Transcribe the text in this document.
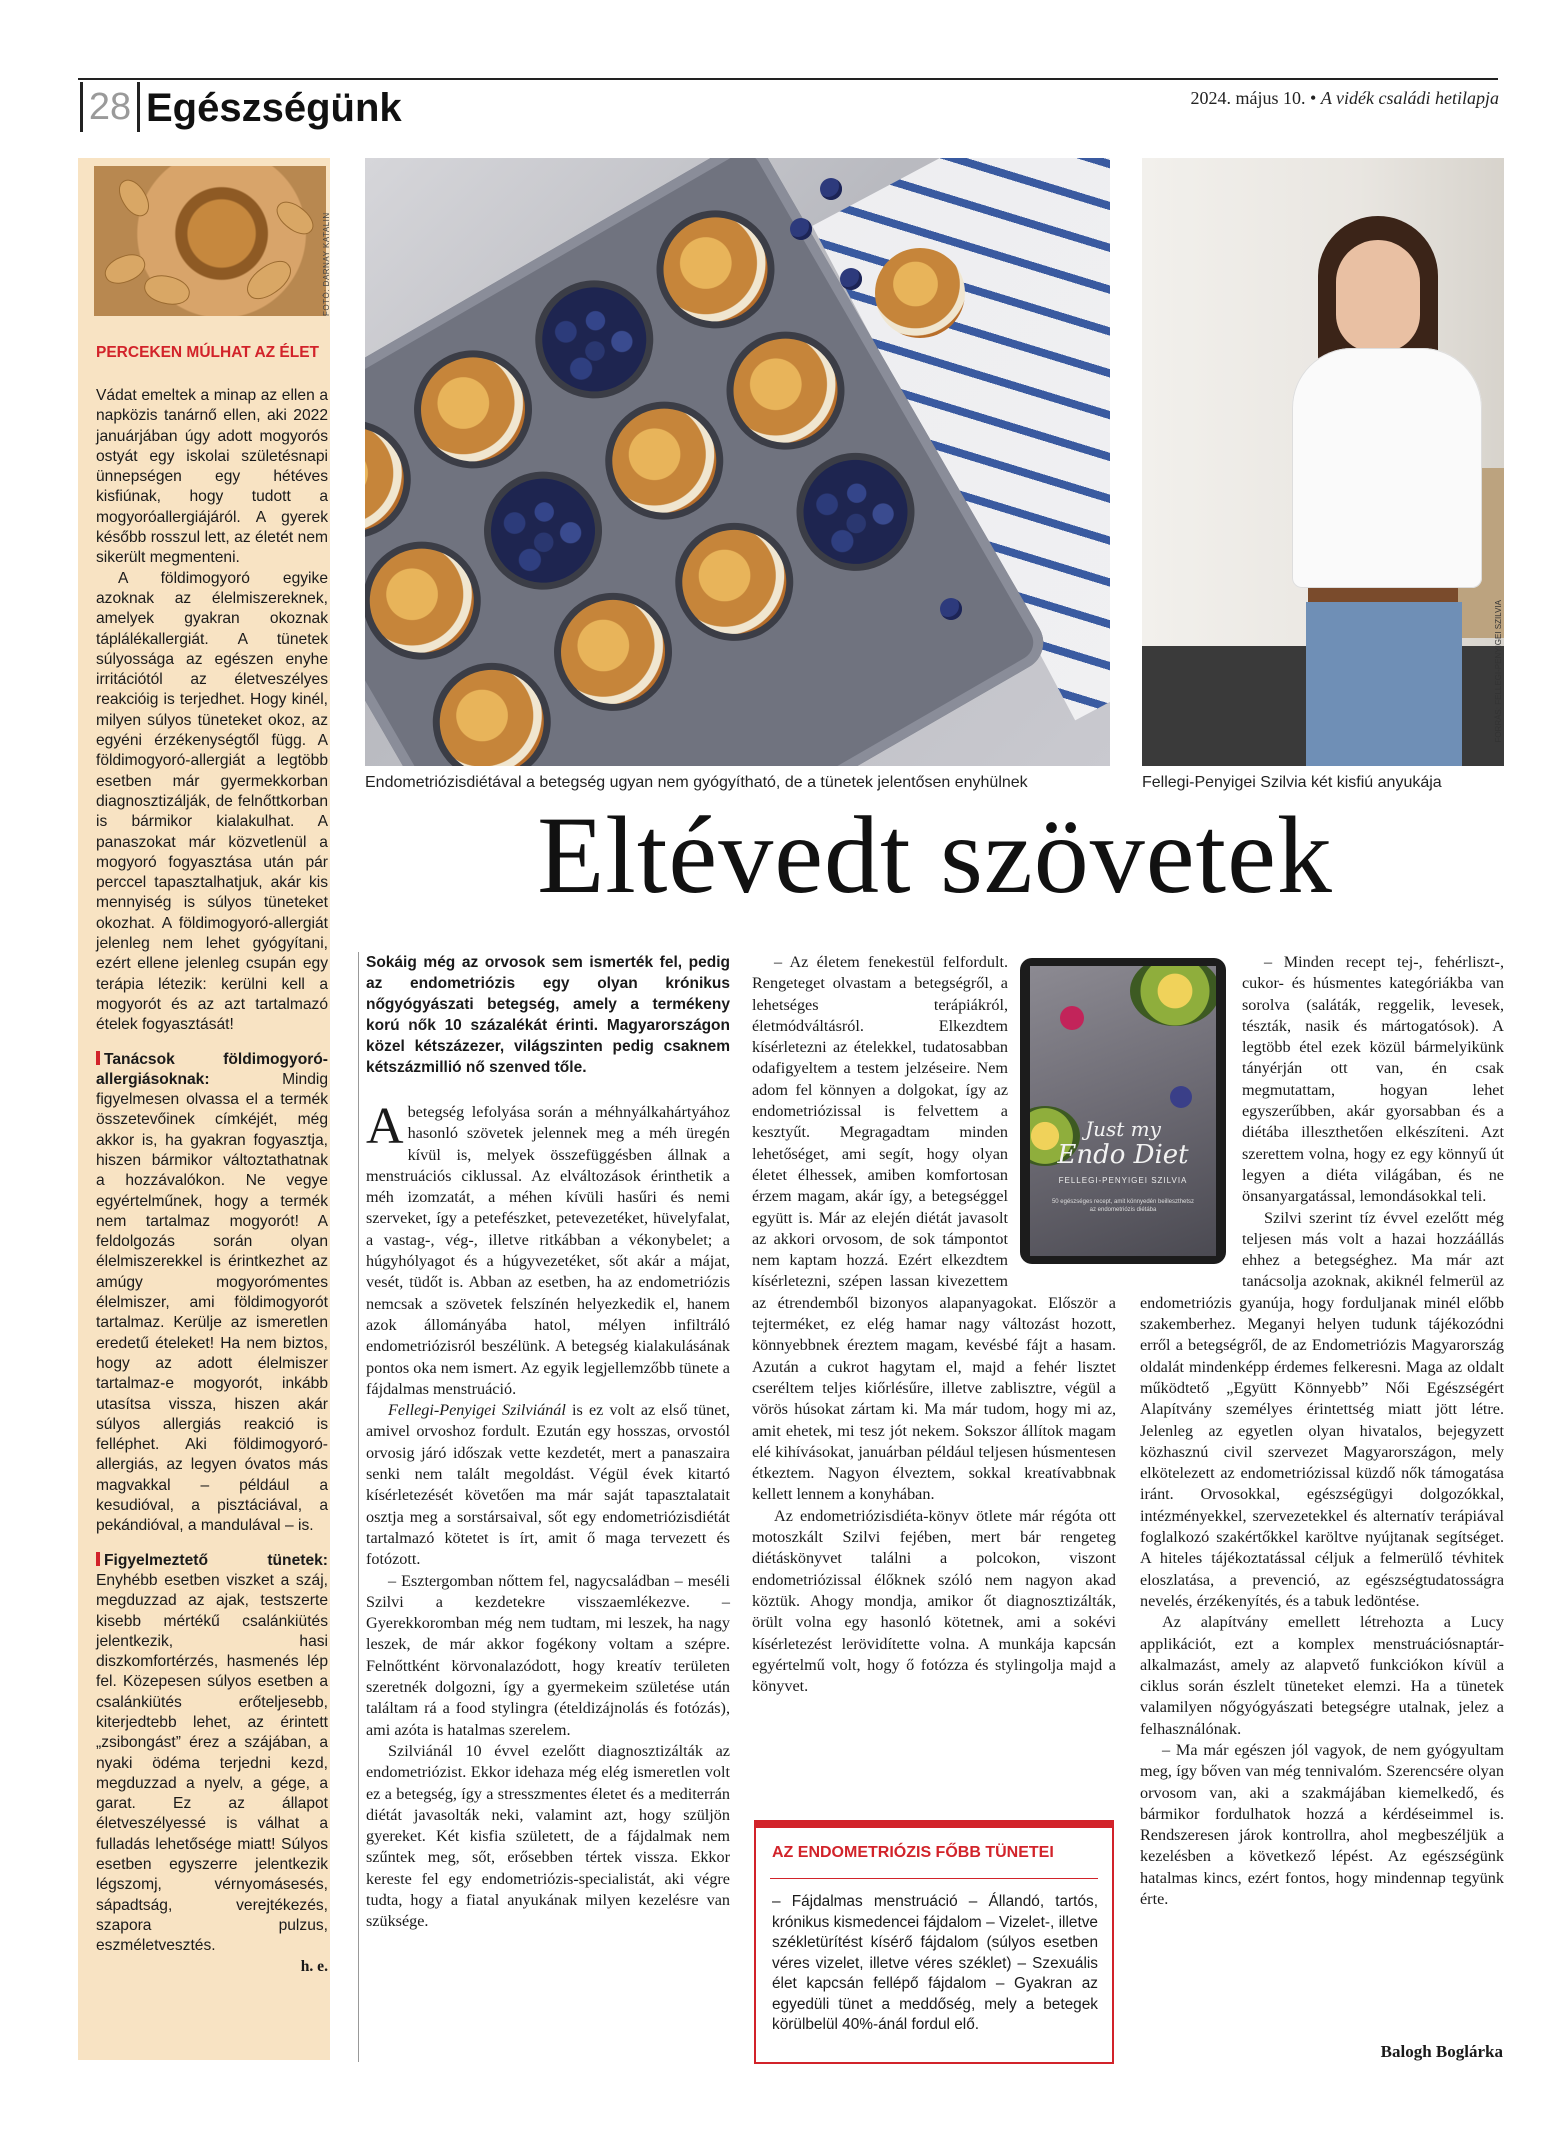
28 Egészségünk	2024. május 10. • A vidék családi hetilapja
FOTÓ: DARNAY KATALIN
PERCEKEN MÚLHAT AZ ÉLET

Vádat emeltek a minap az ellen a napközis tanárnő ellen, aki 2022 januárjában úgy adott mogyorós ostyát egy iskolai születésnapi ünnepségen egy hétéves kisfiúnak, hogy tudott a mogyoróallergiájáról. A gyerek később rosszul lett, az életét nem sikerült megmenteni.

A földimogyoró egyike azoknak az élelmiszereknek, amelyek gyakran okoznak táplálékallergiát. A tünetek súlyossága az egészen enyhe irritációtól az életveszélyes reakcióig is terjedhet. Hogy kinél, milyen súlyos tüneteket okoz, az egyéni érzékenységtől függ. A földimogyoró-allergiát a legtöbb esetben már gyermekkorban diagnosztizálják, de felnőttkorban is bármikor kialakulhat. A panaszokat már közvetlenül a mogyoró fogyasztása után pár perccel tapasztalhatjuk, akár kis mennyiség is súlyos tüneteket okozhat. A földimogyoró-allergiát jelenleg nem lehet gyógyítani, ezért ellene jelenleg csupán egy terápia létezik: kerülni kell a mogyorót és az azt tartalmazó ételek fogyasztását!

Tanácsok földimogyoró-allergiásoknak:	Mindig figyelmesen olvassa el a termék összetevőinek címkéjét, még akkor is, ha gyakran fogyasztja, hiszen bármikor változtathatnak a hozzávalókon. Ne vegye egyértelműnek, hogy a termék nem tartalmaz mogyorót! A feldolgozás során olyan élelmiszerekkel is érintkezhet az amúgy mogyorómentes élelmiszer, ami földimogyorót tartalmaz. Kerülje az ismeretlen eredetű ételeket! Ha nem biztos, hogy az adott élelmiszer tartalmaz-e mogyorót, inkább utasítsa vissza, hiszen akár súlyos allergiás reakció is felléphet. Aki földimogyoró-allergiás, az legyen óvatos más magvakkal – például a kesudióval, a pisztáciával, a pekándióval, a mandulával – is.

Figyelmeztető tünetek: Enyhébb esetben viszket a száj, megduzzad az ajak, testszerte kisebb mértékű csalánkiütés jelentkezik, hasi diszkomfortérzés, hasmenés lép fel. Közepesen súlyos esetben a csalánkiütés erőteljesebb, kiterjedtebb lehet, az érintett „zsibongást” érez a szájában, a nyaki ödéma terjedni kezd, megduzzad a nyelv, a gége, a garat. Ez az állapot életveszélyessé is válhat a fulladás lehetősége miatt! Súlyos esetben egyszerre jelentkezik légszomj, vérnyomásesés, sápadtság, verejtékezés, szapora pulzus, eszméletvesztés.

h. e.
FORRÁS: FELLEGI-PENYIGEI SZILVIA
Endometriózisdiétával a betegség ugyan nem gyógyítható, de a tünetek jelentősen enyhülnek	Fellegi-Penyigei Szilvia két kisfiú anyukája
Eltévedt szövetek

Sokáig még az orvosok sem ismerték fel, pedig az endometriózis egy olyan krónikus nőgyógyászati betegség, amely a termékeny korú nők 10 százalékát érinti. Magyarországon közel kétszázezer, világszinten pedig csaknem kétszázmillió nő szenved tőle.

Abetegség lefolyása során a méhnyálkahártyához hasonló szövetek jelennek meg a méh üregén kívül is, melyek összefüggésben állnak a menstruációs ciklussal. Az elváltozások érinthetik a méh izomzatát, a méhen kívüli hasűri és nemi szerveket, így a petefészket, petevezetéket, hüvelyfalat, a vastag-, vég-, illetve ritkábban a vékonybelet; a húgyhólyagot és a húgyvezetéket, sőt akár a májat, vesét, tüdőt is. Abban az esetben, ha az endometriózis nemcsak a szövetek felszínén helyezkedik el, hanem azok állományába hatol, mélyen infiltráló endometriózisról beszélünk. A betegség kialakulásának pontos oka nem ismert. Az egyik legjellemzőbb tünete a fájdalmas menstruáció.

Fellegi-Penyigei Szilviánál is ez volt az első tünet, amivel orvoshoz fordult. Ezután egy hosszas, orvostól orvosig járó időszak vette kezdetét, mert a panaszaira senki nem talált megoldást. Végül évek kitartó kísérletezését követően ma már saját tapasztalatait osztja meg a sorstársaival, sőt egy endometriózisdiétát tartalmazó kötetet is írt, amit ő maga tervezett és fotózott.

– Esztergomban nőttem fel, nagycsaládban – meséli Szilvi a kezdetekre visszaemlékezve. – Gyerekkoromban még nem tudtam, mi leszek, ha nagy leszek, de már akkor fogékony voltam a szépre. Felnőttként körvonalazódott, hogy kreatív területen szeretnék dolgozni, így a gyermekeim születése után találtam rá a food stylingra (ételdizájnolás és fotózás), ami azóta is hatalmas szerelem.

Szilviánál 10 évvel ezelőtt diagnosztizálták az endometriózist. Ekkor idehaza még elég ismeretlen volt ez a betegség, így a stresszmentes életet és a mediterrán diétát javasolták neki, valamint azt, hogy szüljön gyereket. Két kisfia született, de a fájdalmak nem szűntek meg, sőt, erősebben tértek vissza. Ekkor kereste fel egy endometriózis-specialistát, aki végre tudta, hogy a fiatal anyukának milyen kezelésre van szüksége.

Just my
Endo Diet
FELLEGI-PENYIGEI SZILVIA
50 egészséges recept, amit könnyedén beilleszthetsz az endometriózis diétába

– Az életem fenekestül felfordult. Rengeteget olvastam a betegségről, a lehetséges terápiákról, életmódváltásról. Elkezdtem kísérletezni az ételekkel, tudatosabban odafigyeltem a testem jelzéseire. Nem adom fel könnyen a dolgokat, így az endometriózissal is felvettem a kesztyűt. Megragadtam minden lehetőséget, ami segít, hogy olyan életet élhessek, amiben komfortosan érzem magam, akár így, a betegséggel együtt is. Már az elején diétát javasolt az akkori orvosom, de sok támpontot nem kaptam hozzá. Ezért elkezdtem kísérletezni, szépen lassan kivezettem az étrendemből bizonyos alapanyagokat. Először a tejterméket, ez elég hamar nagy változást hozott, könnyebbnek éreztem magam, kevésbé fájt a hasam. Azután a cukrot hagytam el, majd a fehér lisztet cseréltem teljes kiőrlésűre, illetve zablisztre, végül a vörös húsokat zártam ki. Ma már tudom, hogy mi az, amit ehetek, mi tesz jót nekem. Sokszor állítok magam elé kihívásokat, januárban például teljesen húsmentesen étkeztem. Nagyon élveztem, sokkal kreatívabbnak kellett lennem a konyhában.

Az endometriózisdiéta-könyv ötlete már régóta ott motoszkált Szilvi fejében, mert bár rengeteg diétáskönyvet találni a polcokon, viszont endometriózissal élőknek szóló nem nagyon akad köztük. Ahogy mondja, amikor őt diagnosztizálták, örült volna egy hasonló kötetnek, ami a sokévi kísérletezést lerövidítette volna. A munkája kapcsán egyértelmű volt, hogy ő fotózza és stylingolja majd a könyvet.

AZ ENDOMETRIÓZIS FŐBB TÜNETEI
– Fájdalmas menstruáció – Állandó, tartós, krónikus kismedencei fájdalom – Vizelet-, illetve székletürítést kísérő fájdalom (súlyos esetben véres vizelet, illetve véres széklet) – Szexuális élet kapcsán fellépő fájdalom – Gyakran az egyedüli tünet a meddőség, mely a betegek körülbelül 40%-ánál fordul elő.

– Minden recept tej-, fehérliszt-, cukor- és húsmentes kategóriákba van sorolva (saláták, reggelik, levesek, tészták, nasik és mártogatósok). A legtöbb étel ezek közül bármelyikünk tányérján ott van, én csak megmutattam, hogyan lehet egyszerűbben, akár gyorsabban és a diétába illeszthetően elkészíteni. Azt szerettem volna, hogy ez egy könnyű út legyen a diéta világában, és ne önsanyargatással, lemondásokkal teli.

Szilvi szerint tíz évvel ezelőtt még teljesen más volt a hazai hozzáállás ehhez a betegséghez. Ma már azt tanácsolja azoknak, akiknél felmerül az endometriózis gyanúja, hogy forduljanak minél előbb szakemberhez. Meganyi helyen tudunk tájékozódni erről a betegségről, de az Endometriózis Magyarország oldalát mindenképp érdemes felkeresni. Maga az oldalt működtető „Együtt Könnyebb” Női Egészségért Alapítvány személyes érintettség miatt jött létre. Jelenleg az egyetlen olyan hivatalos, bejegyzett közhasznú civil szervezet Magyarországon, mely elkötelezett az endometriózissal küzdő nők támogatása iránt. Orvosokkal, egészségügyi dolgozókkal, intézményekkel, szervezetekkel és alternatív terápiával foglalkozó szakértőkkel karöltve nyújtanak segítséget. A hiteles tájékoztatással céljuk a felmerülő tévhitek eloszlatása, a prevenció, az egészségtudatosságra nevelés, érzékenyítés, és a tabuk ledöntése.

Az alapítvány emellett létrehozta a Lucy applikációt, ezt a komplex menstruációsnaptár-alkalmazást, amely az alapvető funkciókon kívül a ciklus során észlelt tüneteket elemzi. Ha a tünetek valamilyen nőgyógyászati betegségre utalnak, jelez a felhasználónak.

– Ma már egészen jól vagyok, de nem gyógyultam meg, így bőven van még tennivalóm. Szerencsére olyan orvosom van, aki a szakmájában kiemelkedő, és bármikor fordulhatok hozzá a kérdéseimmel is. Rendszeresen járok kontrollra, ahol megbeszéljük a kezelésben a következő lépést. Az egészségünk hatalmas kincs, ezért fontos, hogy mindennap tegyünk érte.

Balogh Boglárka
